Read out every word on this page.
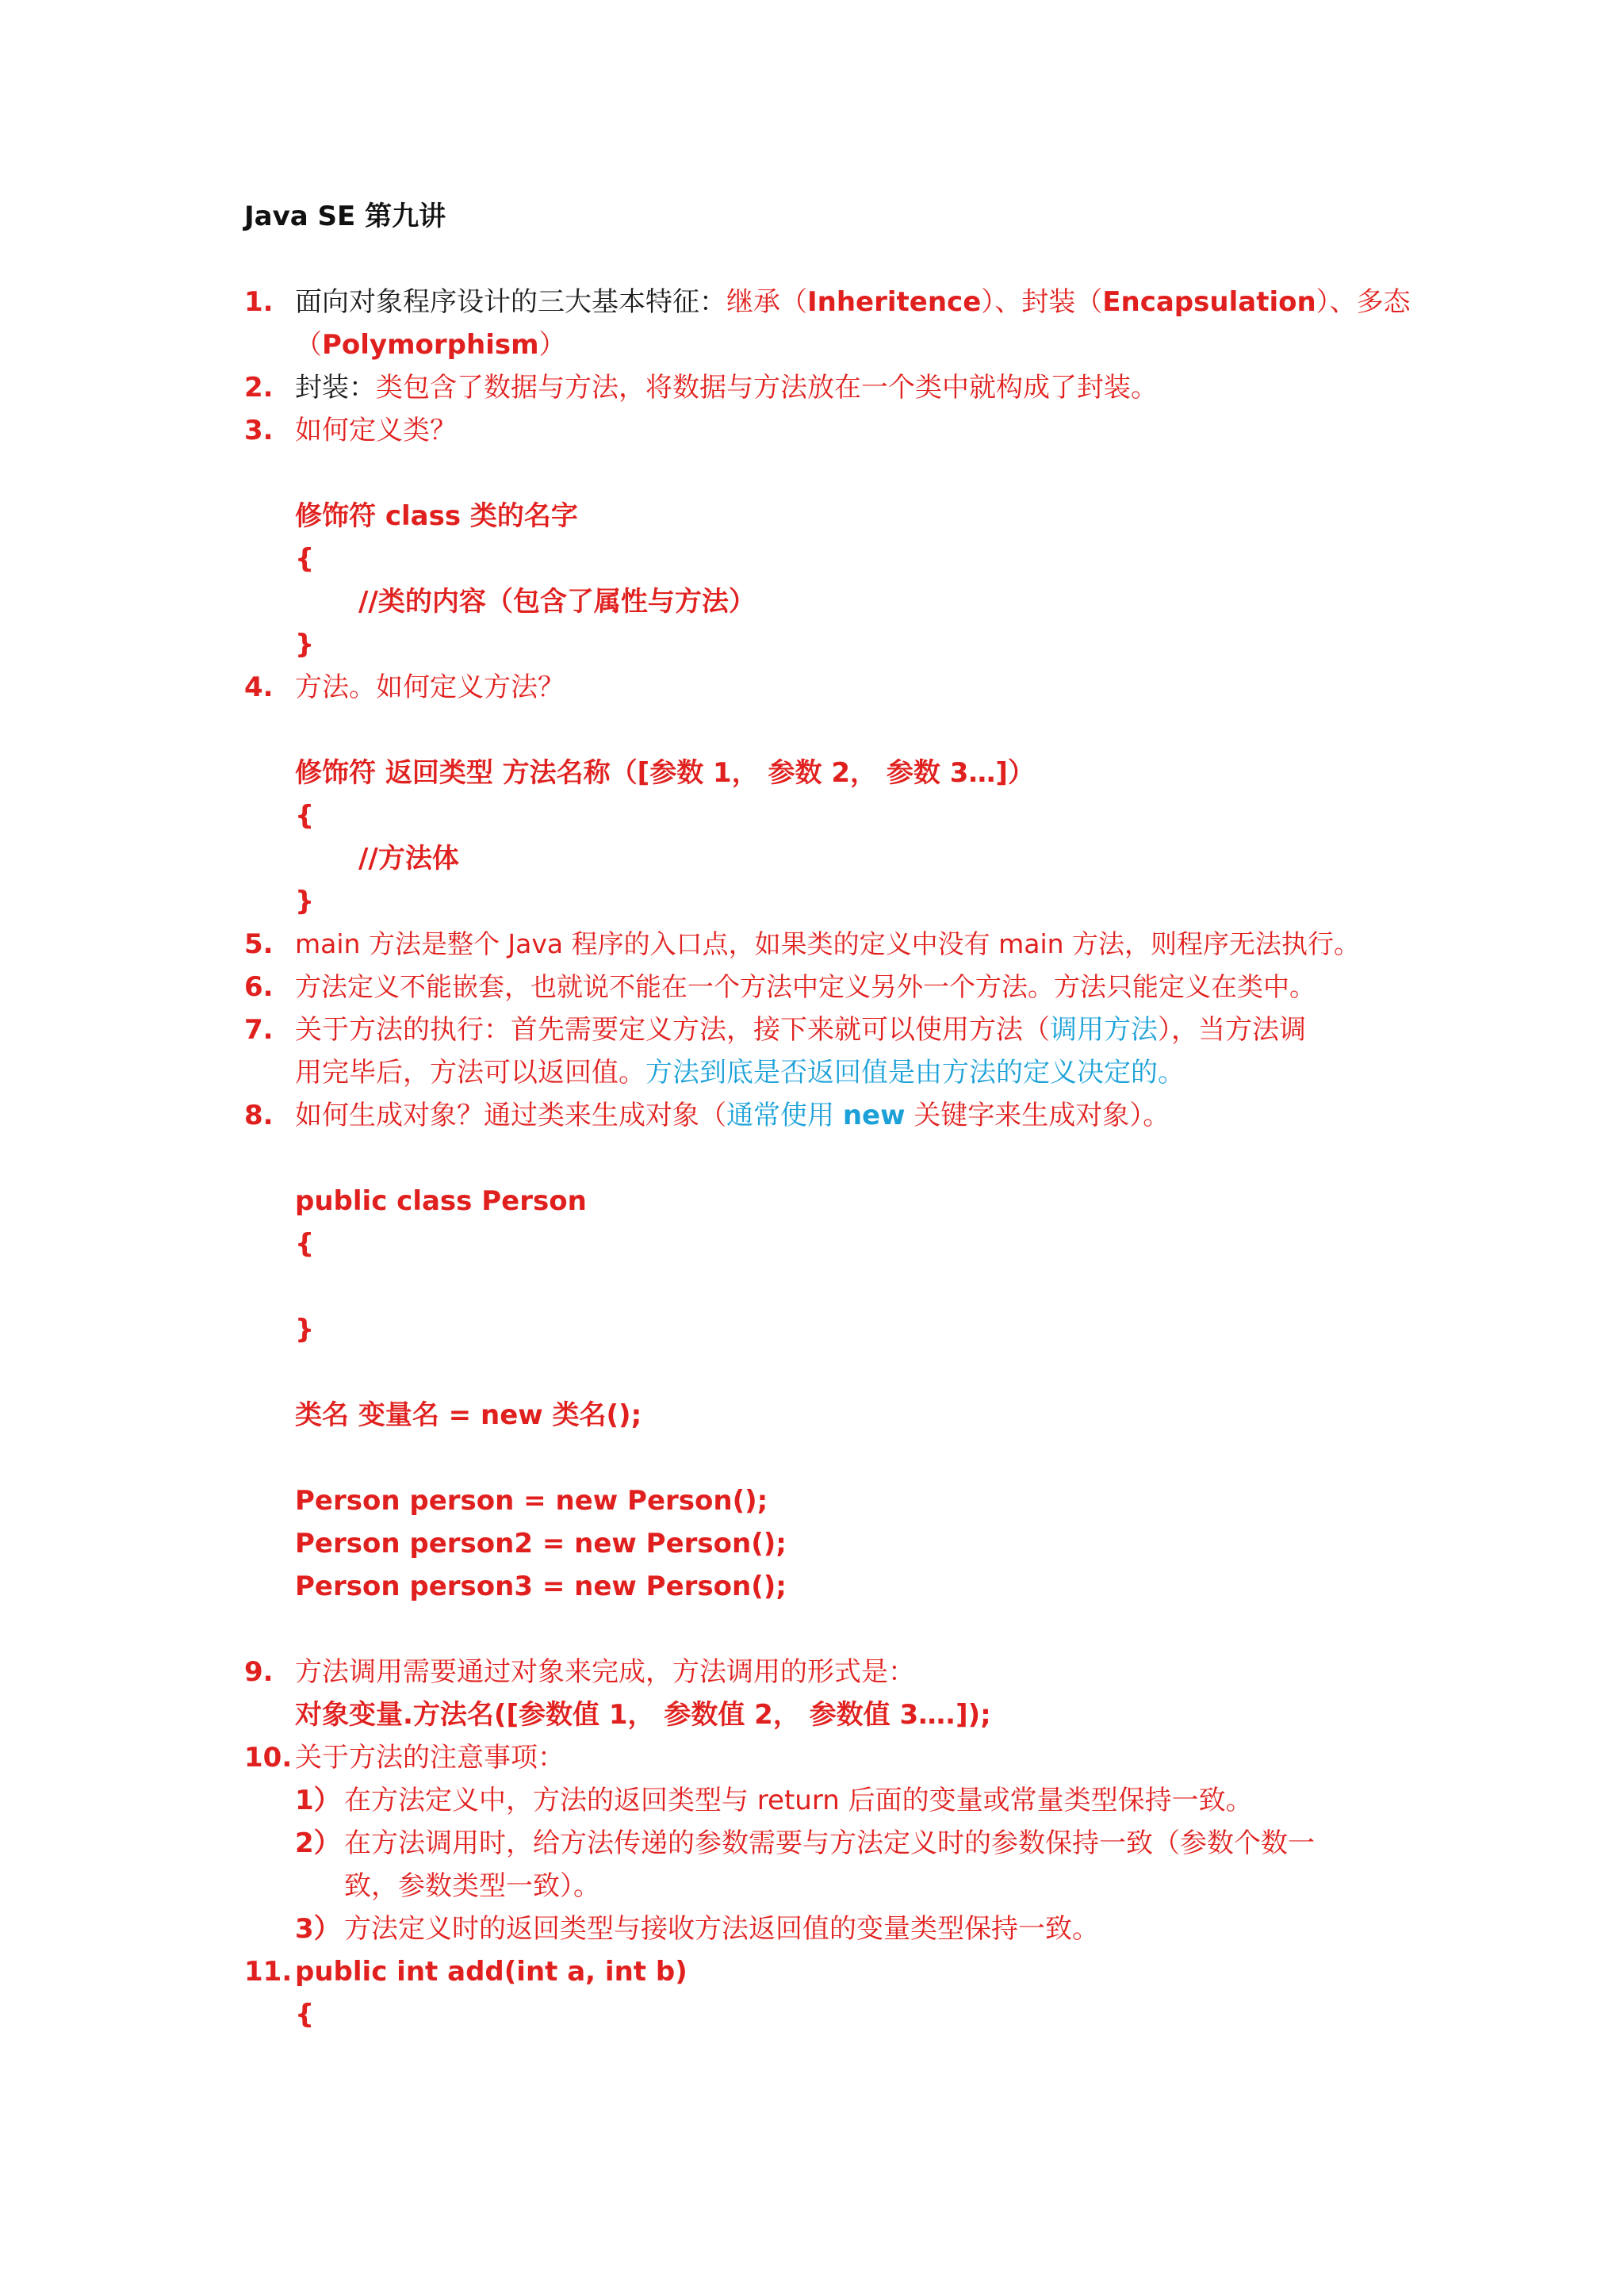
Java SE 第九讲
1. 面向对象程序设计的三大基本特征：继承（Inheritence）、封装（Encapsulation）、多态
（Polymorphism）
2. 封装：类包含了数据与方法，将数据与方法放在一个类中就构成了封装。
3. 如何定义类？
修饰符 class 类的名字
{
//类的内容（包含了属性与方法）
}
4. 方法。如何定义方法？
修饰符 返回类型 方法名称（[参数 1， 参数 2， 参数 3…]）
{
//方法体
}
5. main 方法是整个 Java 程序的入口点，如果类的定义中没有 main 方法，则程序无法执行。
6. 方法定义不能嵌套，也就说不能在一个方法中定义另外一个方法。方法只能定义在类中。
7. 关于方法的执行：首先需要定义方法，接下来就可以使用方法（调用方法），当方法调
用完毕后，方法可以返回值。方法到底是否返回值是由方法的定义决定的。
8. 如何生成对象？通过类来生成对象（通常使用 new 关键字来生成对象）。
public class Person
{
}
类名 变量名 = new 类名();
Person person = new Person();
Person person2 = new Person();
Person person3 = new Person();
9. 方法调用需要通过对象来完成，方法调用的形式是：
对象变量.方法名([参数值 1， 参数值 2， 参数值 3….]);
10. 关于方法的注意事项：
1） 在方法定义中，方法的返回类型与 return 后面的变量或常量类型保持一致。
2） 在方法调用时，给方法传递的参数需要与方法定义时的参数保持一致（参数个数一
致，参数类型一致）。
3） 方法定义时的返回类型与接收方法返回值的变量类型保持一致。
11. public int add(int a, int b)
{
